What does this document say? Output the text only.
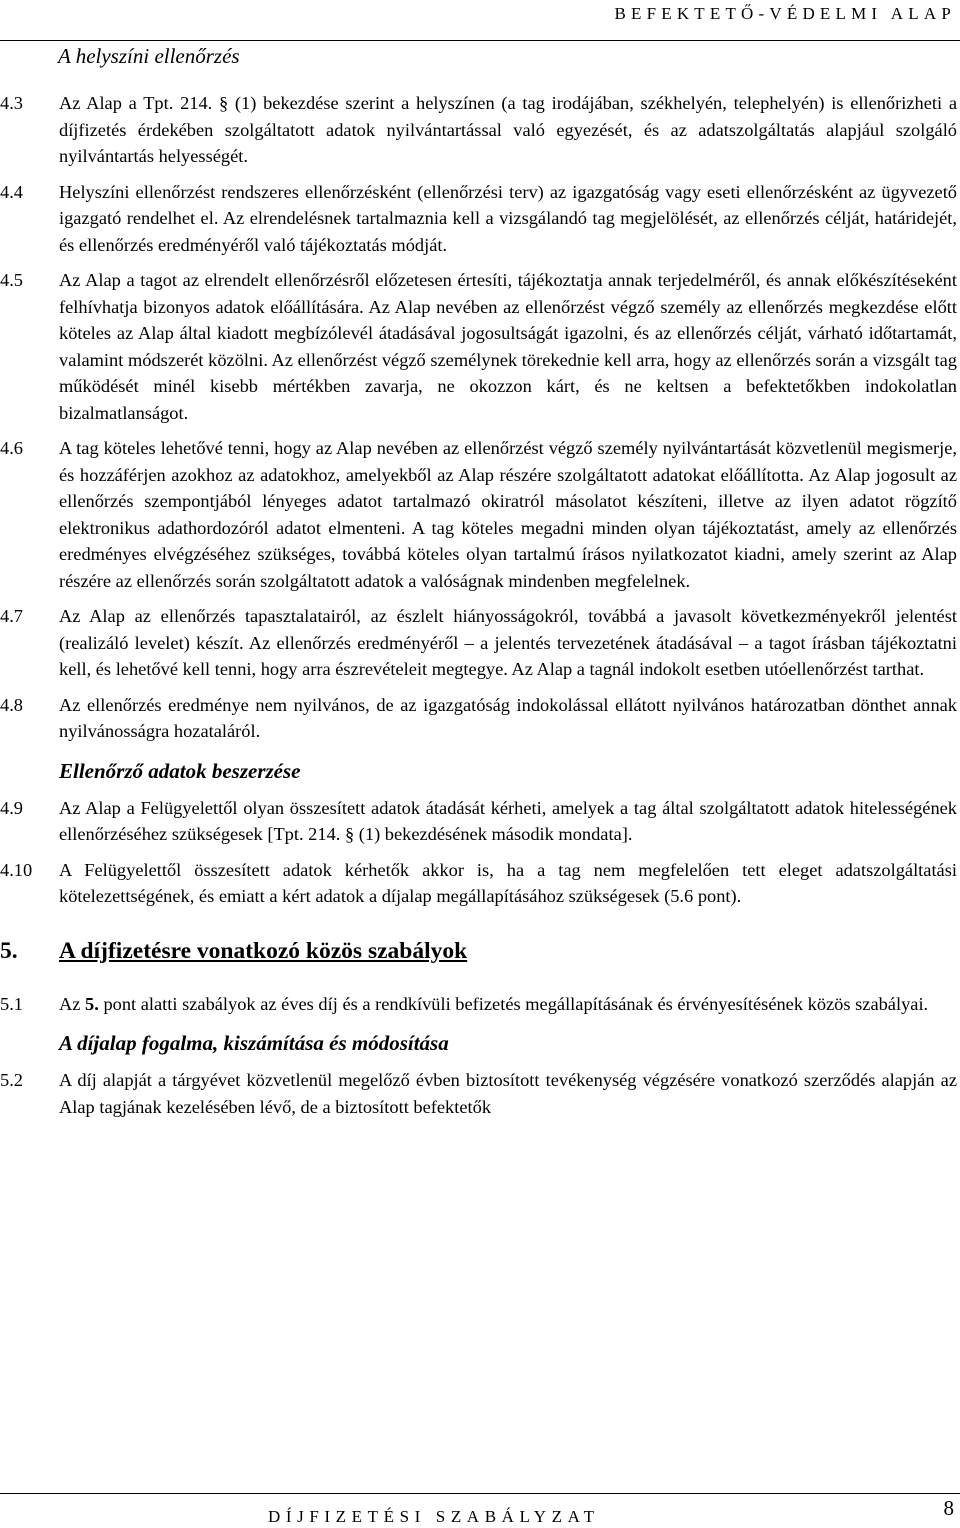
BEFEKTETŐ-VÉDELMI ALAP
A helyszíni ellenőrzés
4.3 Az Alap a Tpt. 214. § (1) bekezdése szerint a helyszínen (a tag irodájában, székhelyén, telephelyén) is ellenőrizheti a díjfizetés érdekében szolgáltatott adatok nyilvántartással való egyezését, és az adatszolgáltatás alapjául szolgáló nyilvántartás helyességét.
4.4 Helyszíni ellenőrzést rendszeres ellenőrzésként (ellenőrzési terv) az igazgatóság vagy eseti ellenőrzésként az ügyvezető igazgató rendelhet el. Az elrendelésnek tartalmaznia kell a vizsgálandó tag megjelölését, az ellenőrzés célját, határidejét, és ellenőrzés eredményéről való tájékoztatás módját.
4.5 Az Alap a tagot az elrendelt ellenőrzésről előzetesen értesíti, tájékoztatja annak terjedelméről, és annak előkészítéseként felhívhatja bizonyos adatok előállítására. Az Alap nevében az ellenőrzést végző személy az ellenőrzés megkezdése előtt köteles az Alap által kiadott megbízólevél átadásával jogosultságát igazolni, és az ellenőrzés célját, várható időtartamát, valamint módszerét közölni. Az ellenőrzést végző személynek törekednie kell arra, hogy az ellenőrzés során a vizsgált tag működését minél kisebb mértékben zavarja, ne okozzon kárt, és ne keltsen a befektetőkben indokolatlan bizalmatlanságot.
4.6 A tag köteles lehetővé tenni, hogy az Alap nevében az ellenőrzést végző személy nyilvántartását közvetlenül megismerje, és hozzáférjen azokhoz az adatokhoz, amelyekből az Alap részére szolgáltatott adatokat előállította. Az Alap jogosult az ellenőrzés szempontjából lényeges adatot tartalmazó okiratról másolatot készíteni, illetve az ilyen adatot rögzítő elektronikus adathordozóról adatot elmenteni. A tag köteles megadni minden olyan tájékoztatást, amely az ellenőrzés eredményes elvégzéséhez szükséges, továbbá köteles olyan tartalmú írásos nyilatkozatot kiadni, amely szerint az Alap részére az ellenőrzés során szolgáltatott adatok a valóságnak mindenben megfelelnek.
4.7 Az Alap az ellenőrzés tapasztalatairól, az észlelt hiányosságokról, továbbá a javasolt következményekről jelentést (realizáló levelet) készít. Az ellenőrzés eredményéről – a jelentés tervezetének átadásával – a tagot írásban tájékoztatni kell, és lehetővé kell tenni, hogy arra észrevételeit megtegye. Az Alap a tagnál indokolt esetben utóellenőrzést tarthat.
4.8 Az ellenőrzés eredménye nem nyilvános, de az igazgatóság indokolással ellátott nyilvános határozatban dönthet annak nyilvánosságra hozataláról.
Ellenőrző adatok beszerzése
4.9 Az Alap a Felügyelettől olyan összesített adatok átadását kérheti, amelyek a tag által szolgáltatott adatok hitelességének ellenőrzéséhez szükségesek [Tpt. 214. § (1) bekezdésének második mondata].
4.10 A Felügyelettől összesített adatok kérhetők akkor is, ha a tag nem megfelelően tett eleget adatszolgáltatási kötelezettségének, és emiatt a kért adatok a díjalap megállapításához szükségesek (5.6 pont).
5. A díjfizetésre vonatkozó közös szabályok
5.1 Az 5. pont alatti szabályok az éves díj és a rendkívüli befizetés megállapításának és érvényesítésének közös szabályai.
A díjalap fogalma, kiszámítása és módosítása
5.2 A díj alapját a tárgyévet közvetlenül megelőző évben biztosított tevékenység végzésére vonatkozó szerződés alapján az Alap tagjának kezelésében lévő, de a biztosított befektetők
DÍJFIZETÉSI SZABÁLYZAT	8
